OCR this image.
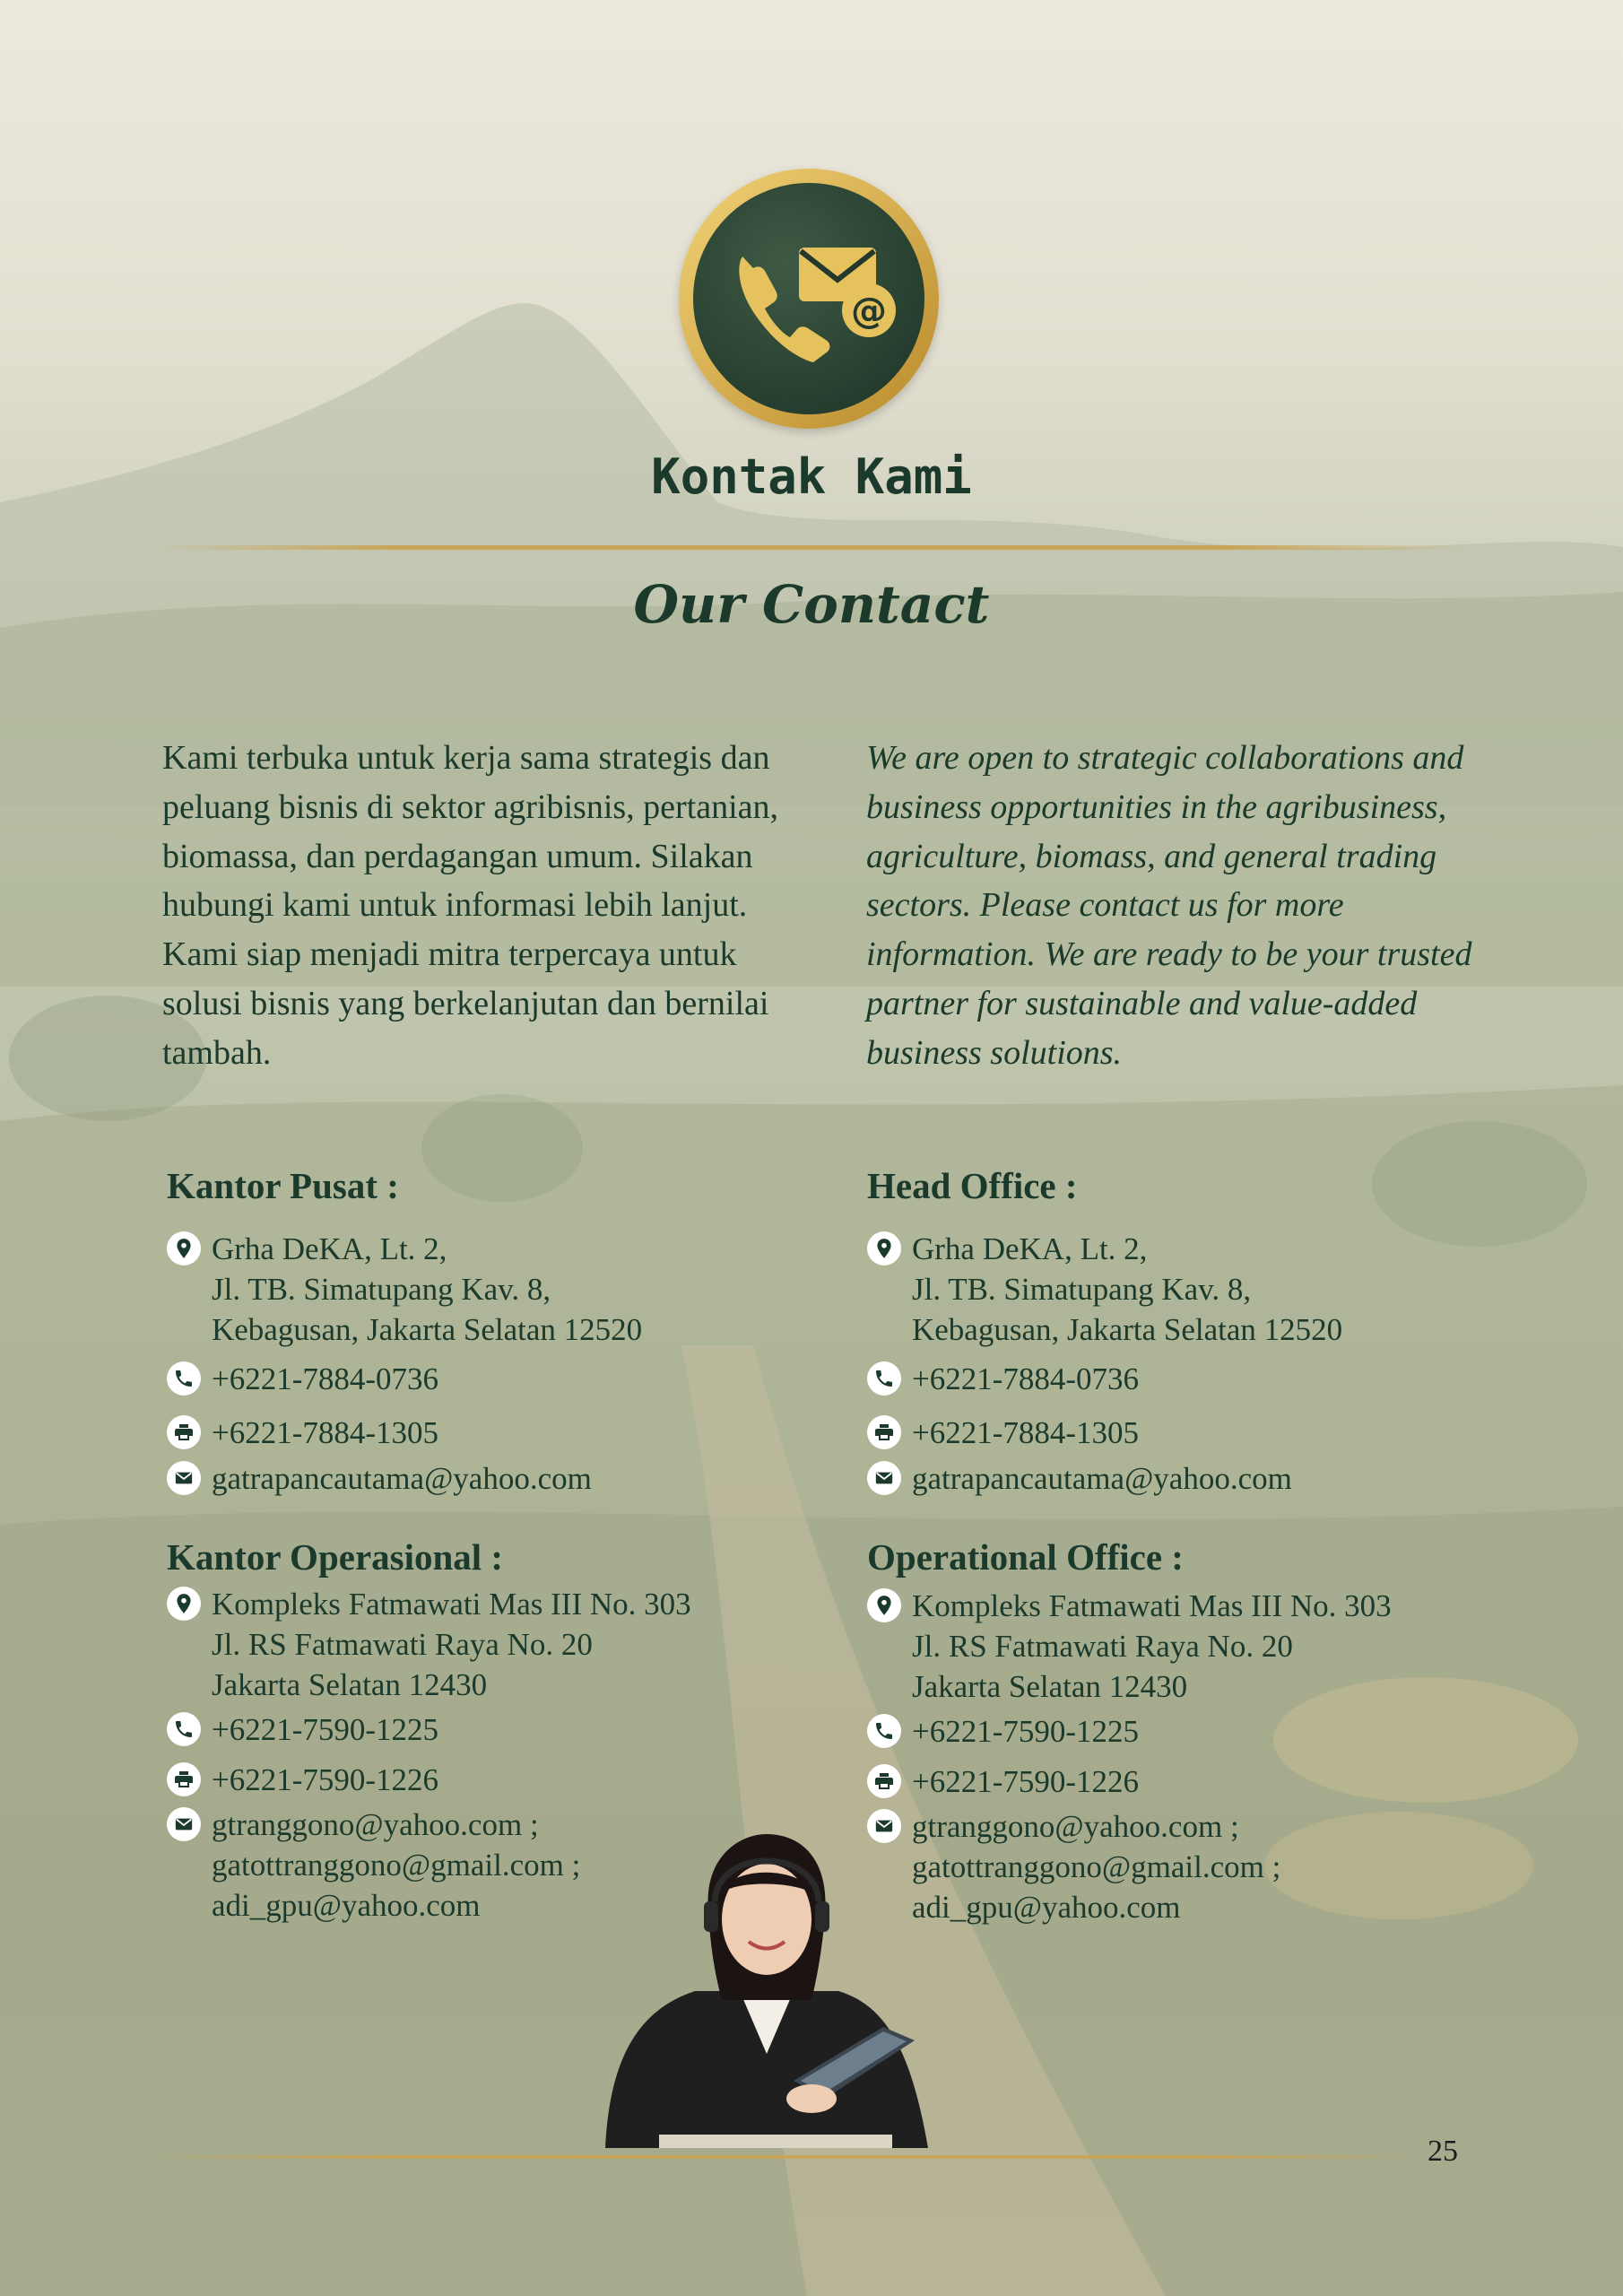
@
Kontak Kami
Our Contact

Kami terbuka untuk kerja sama strategis dan peluang bisnis di sektor agribisnis, pertanian, biomassa, dan perdagangan umum. Silakan hubungi kami untuk informasi lebih lanjut. Kami siap menjadi mitra terpercaya untuk solusi bisnis yang berkelanjutan dan bernilai tambah.

We are open to strategic collaborations and business opportunities in the agribusiness, agriculture, biomass, and general trading sectors. Please contact us for more information. We are ready to be your trusted partner for sustainable and value-added business solutions.

Kantor Pusat :
Grha DeKA, Lt. 2,
Jl. TB. Simatupang Kav. 8,
Kebagusan, Jakarta Selatan 12520
+6221-7884-0736
+6221-7884-1305
gatrapancautama@yahoo.com
Kantor Operasional :
Kompleks Fatmawati Mas III No. 303
Jl. RS Fatmawati Raya No. 20
Jakarta Selatan 12430
+6221-7590-1225
+6221-7590-1226
gtranggono@yahoo.com ;
gatottranggono@gmail.com ;
adi_gpu@yahoo.com
Head Office :
Grha DeKA, Lt. 2,
Jl. TB. Simatupang Kav. 8,
Kebagusan, Jakarta Selatan 12520
+6221-7884-0736
+6221-7884-1305
gatrapancautama@yahoo.com
Operational Office :
Kompleks Fatmawati Mas III No. 303
Jl. RS Fatmawati Raya No. 20
Jakarta Selatan 12430
+6221-7590-1225
+6221-7590-1226
gtranggono@yahoo.com ;
gatottranggono@gmail.com ;
adi_gpu@yahoo.com
25
